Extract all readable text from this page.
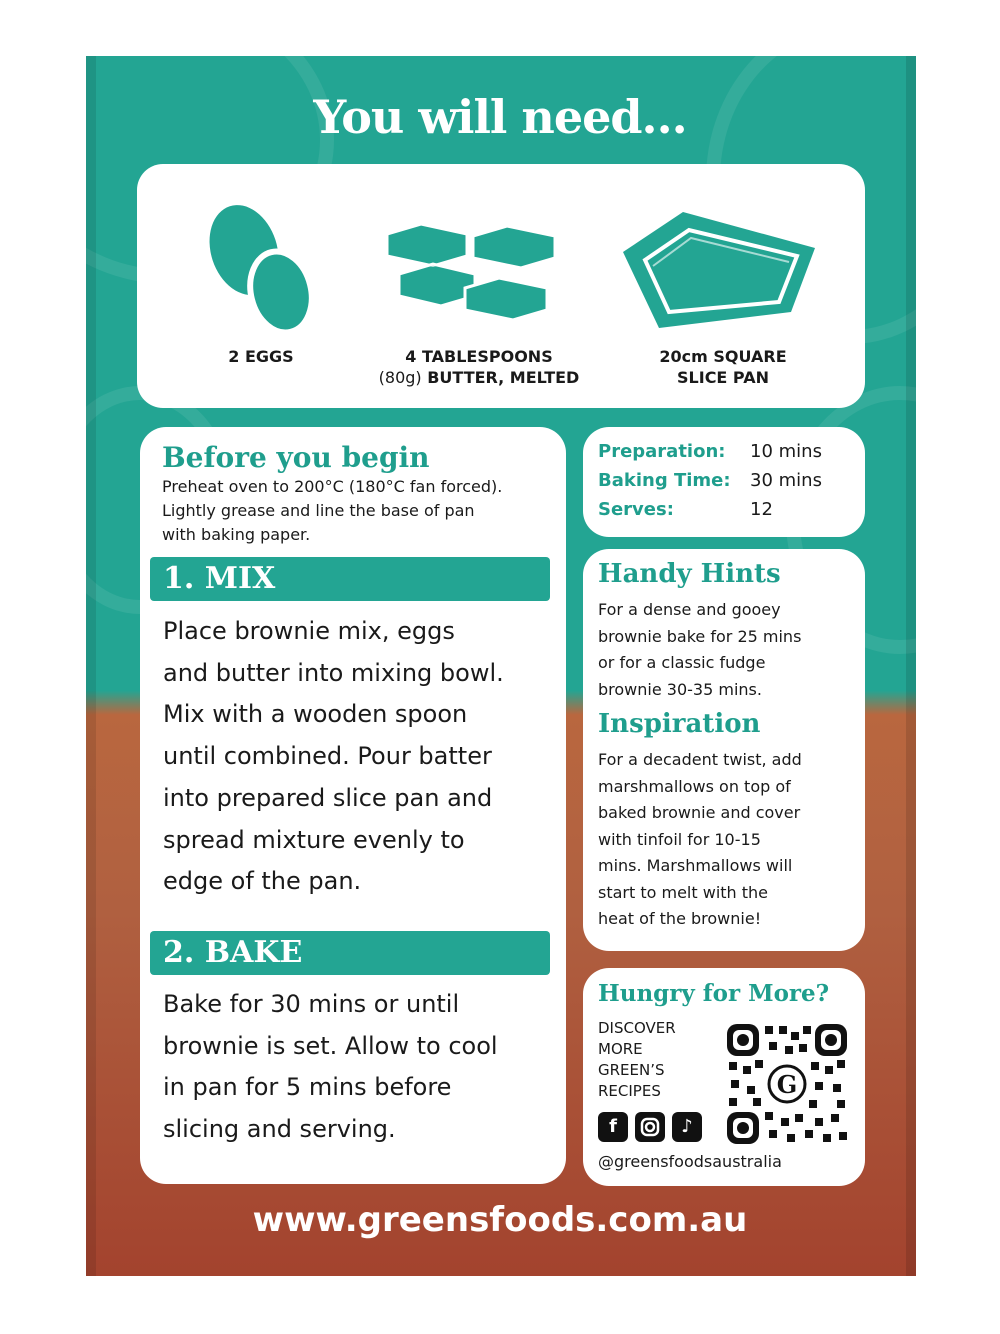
You will need...
2 EGGS	4 TABLESPOONS
(80g) BUTTER, MELTED
20cm SQUARE
SLICE PAN
Before you begin
Preheat oven to 200°C (180°C fan forced).
Lightly grease and line the base of pan
with baking paper.
1. MIX
Place brownie mix, eggs
and butter into mixing bowl.
Mix with a wooden spoon
until combined. Pour batter
into prepared slice pan and
spread mixture evenly to
edge of the pan.
2. BAKE
Bake for 30 mins or until
brownie is set. Allow to cool
in pan for 5 mins before
slicing and serving.
Preparation:	10 mins
Baking Time:	30 mins
Serves:	12
Handy Hints
For a dense and gooey
brownie bake for 25 mins
or for a classic fudge
brownie 30-35 mins.
Inspiration
For a decadent twist, add
marshmallows on top of
baked brownie and cover
with tinfoil for 10-15
mins. Marshmallows will
start to melt with the
heat of the brownie!
Hungry for More?
DISCOVER
MORE
GREEN’S
RECIPES
f	♪
G
@greensfoodsaustralia
www.greensfoods.com.au
